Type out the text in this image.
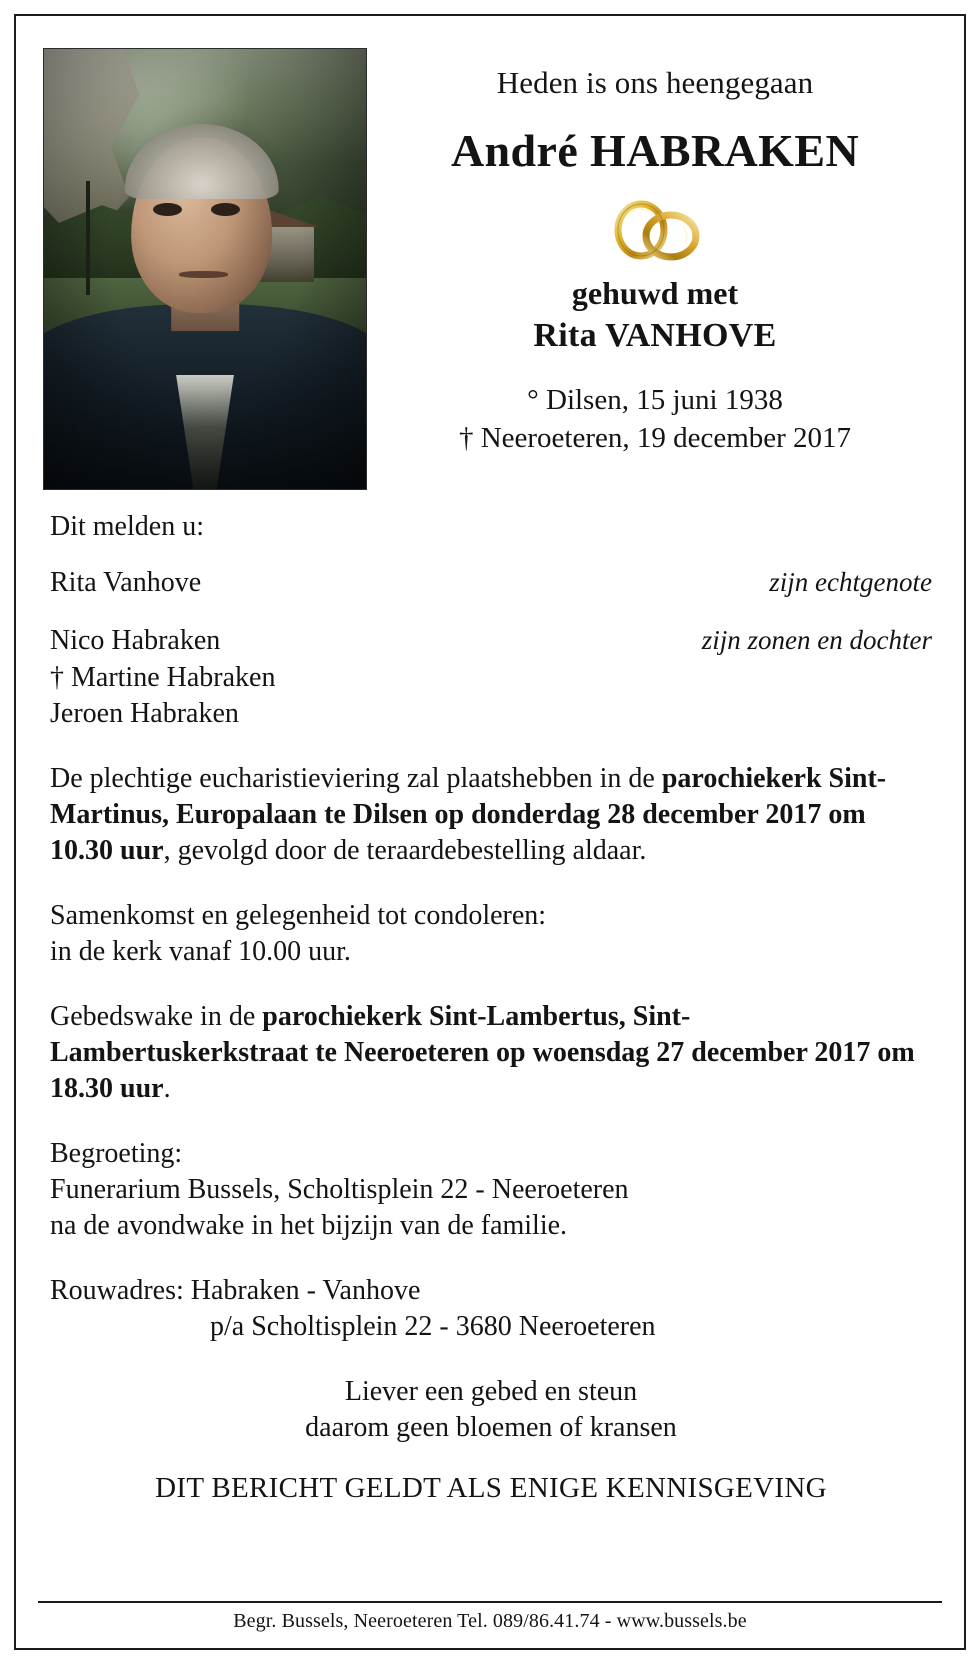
Heden is ons heengegaan
André HABRAKEN
gehuwd met
Rita VANHOVE
° Dilsen, 15 juni 1938
† Neeroeteren, 19 december 2017
Dit melden u:
Rita Vanhove	zijn echtgenote
Nico Habraken
† Martine Habraken
Jeroen Habraken
zijn zonen en dochter
De plechtige eucharistieviering zal plaatshebben in de parochiekerk Sint-Martinus, Europalaan te Dilsen op donderdag 28 december 2017 om 10.30 uur, gevolgd door de teraardebestelling aldaar.
Samenkomst en gelegenheid tot condoleren:
in de kerk vanaf 10.00 uur.
Gebedswake in de parochiekerk Sint-Lambertus, Sint-Lambertuskerkstraat te Neeroeteren op woensdag 27 december 2017 om 18.30 uur.
Begroeting:
Funerarium Bussels, Scholtisplein 22 - Neeroeteren
na de avondwake in het bijzijn van de familie.
Rouwadres: Habraken - Vanhove
p/a Scholtisplein 22 - 3680 Neeroeteren
Liever een gebed en steun
daarom geen bloemen of kransen
DIT BERICHT GELDT ALS ENIGE KENNISGEVING
Begr. Bussels, Neeroeteren Tel. 089/86.41.74 - www.bussels.be
